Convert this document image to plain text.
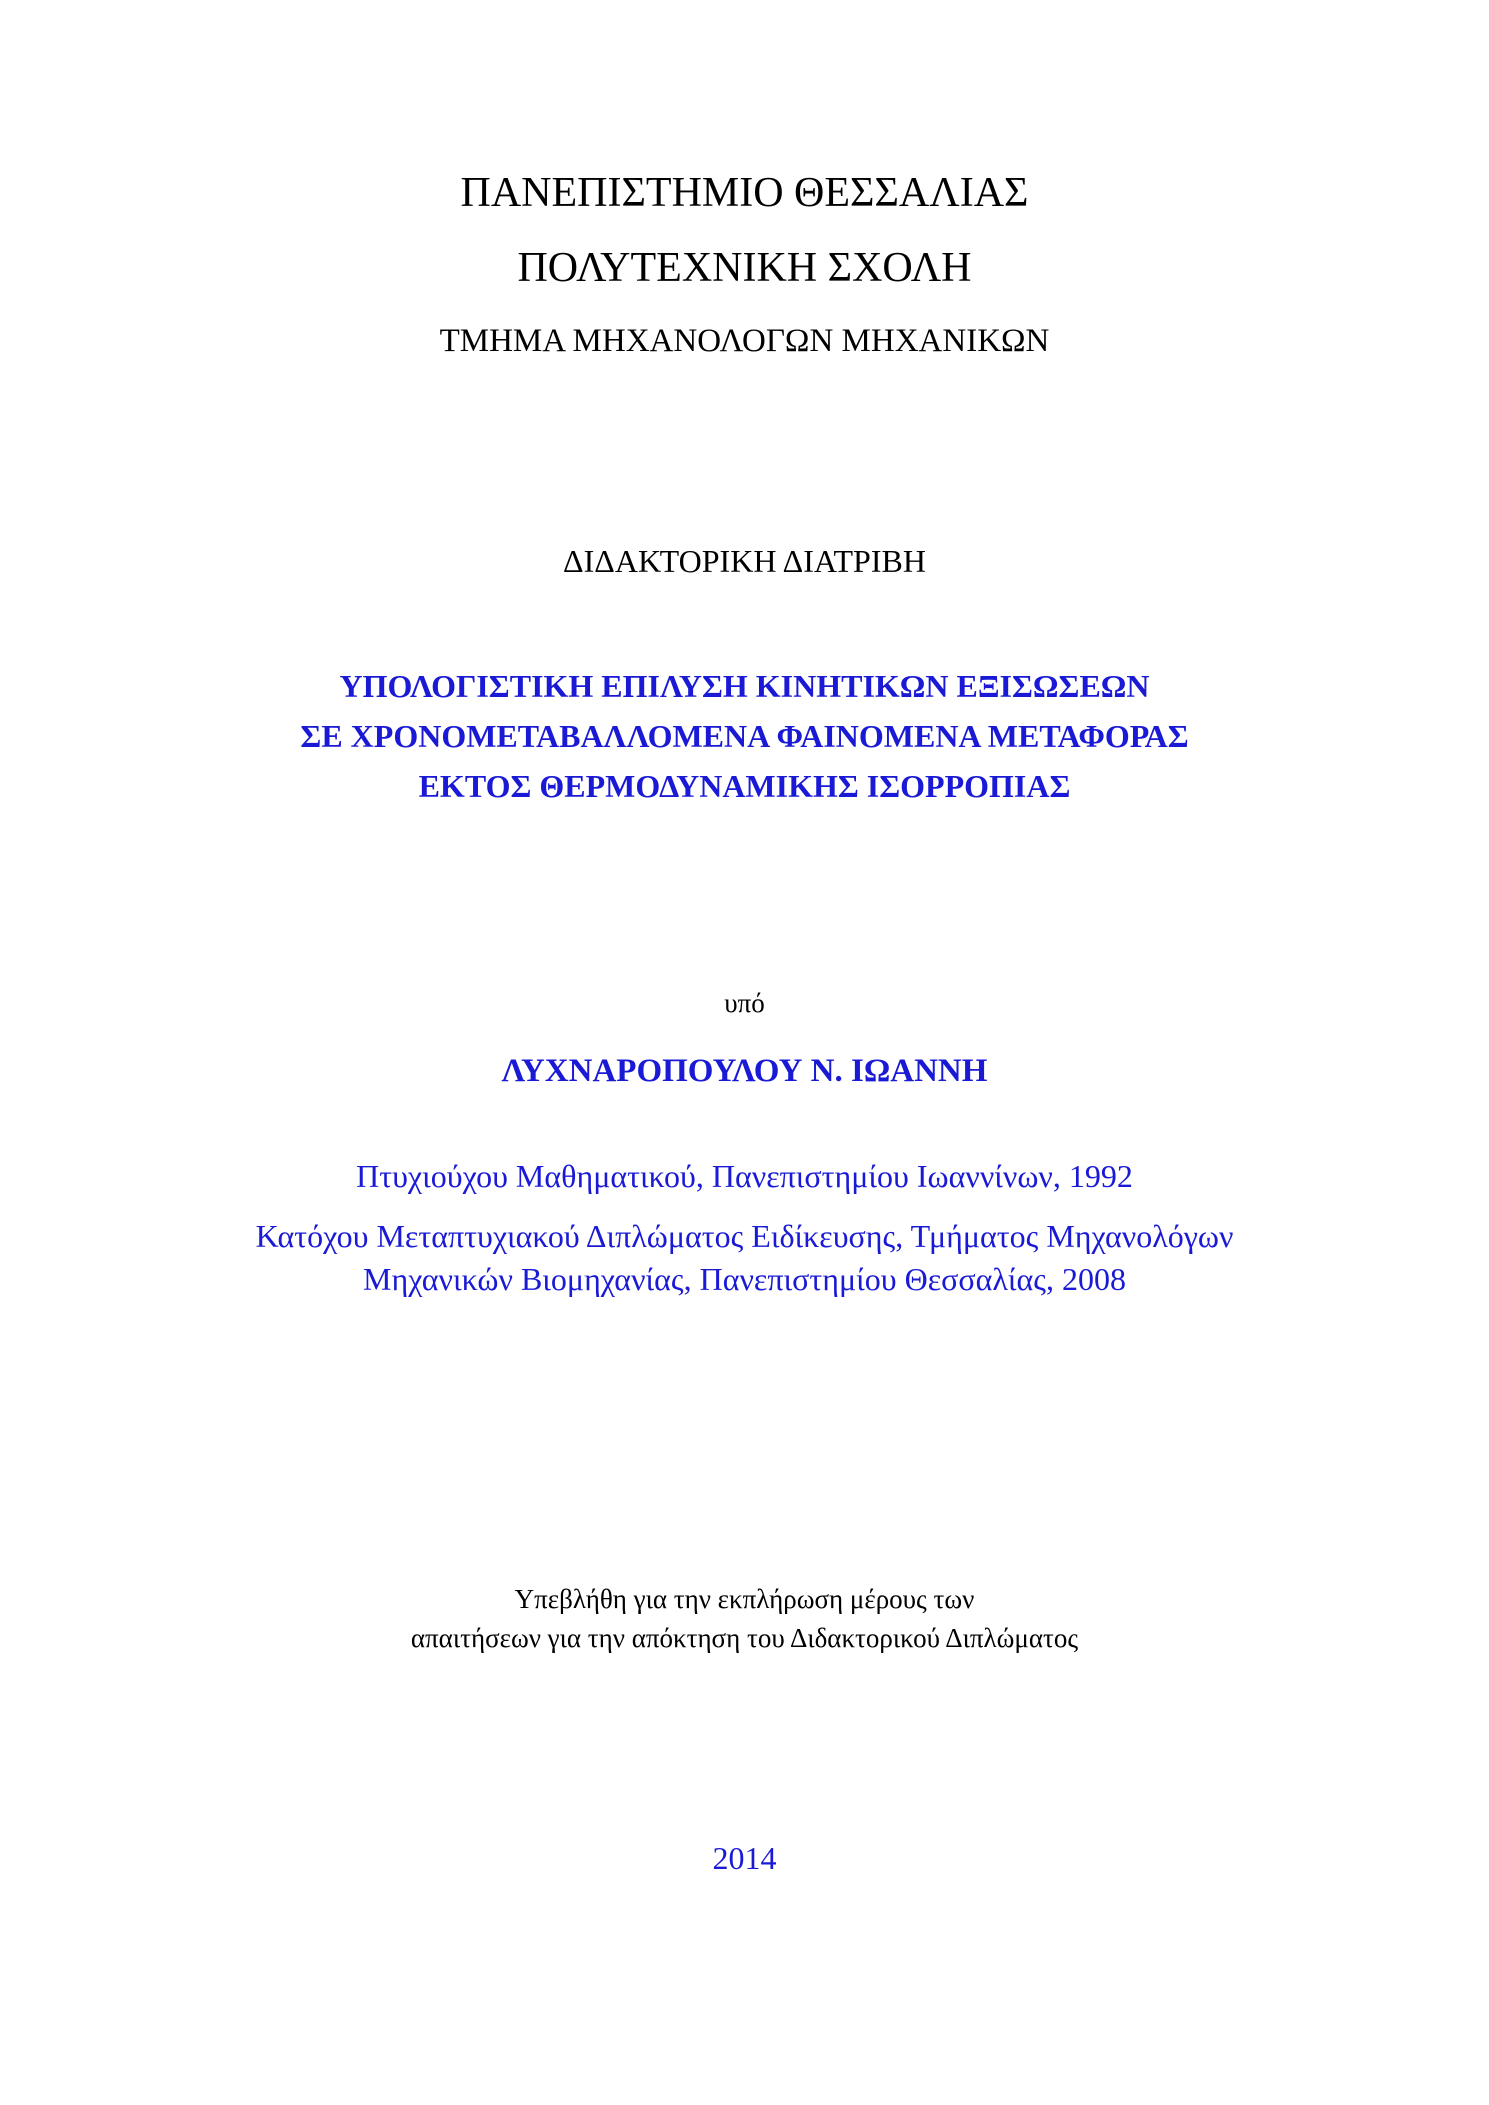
ΠΑΝΕΠΙΣΤΗΜΙΟ ΘΕΣΣΑΛΙΑΣ
ΠΟΛΥΤΕΧΝΙΚΗ ΣΧΟΛΗ
ΤΜΗΜΑ ΜΗΧΑΝΟΛΟΓΩΝ ΜΗΧΑΝΙΚΩΝ
ΔΙΔΑΚΤΟΡΙΚΗ ΔΙΑΤΡΙΒΗ
ΥΠΟΛΟΓΙΣΤΙΚΗ ΕΠΙΛΥΣΗ ΚΙΝΗΤΙΚΩΝ ΕΞΙΣΩΣΕΩΝ
ΣΕ ΧΡΟΝΟΜΕΤΑΒΑΛΛΟΜΕΝΑ ΦΑΙΝΟΜΕΝΑ ΜΕΤΑΦΟΡΑΣ
ΕΚΤΟΣ ΘΕΡΜΟΔΥΝΑΜΙΚΗΣ ΙΣΟΡΡΟΠΙΑΣ
υπό
ΛΥΧΝΑΡΟΠΟΥΛΟΥ Ν. ΙΩΑΝΝΗ
Πτυχιούχου Μαθηματικού, Πανεπιστημίου Ιωαννίνων, 1992
Κατόχου Μεταπτυχιακού Διπλώματος Ειδίκευσης, Τμήματος Μηχανολόγων
Μηχανικών Βιομηχανίας, Πανεπιστημίου Θεσσαλίας, 2008
Υπεβλήθη για την εκπλήρωση μέρους των
απαιτήσεων για την απόκτηση του Διδακτορικού Διπλώματος
2014
